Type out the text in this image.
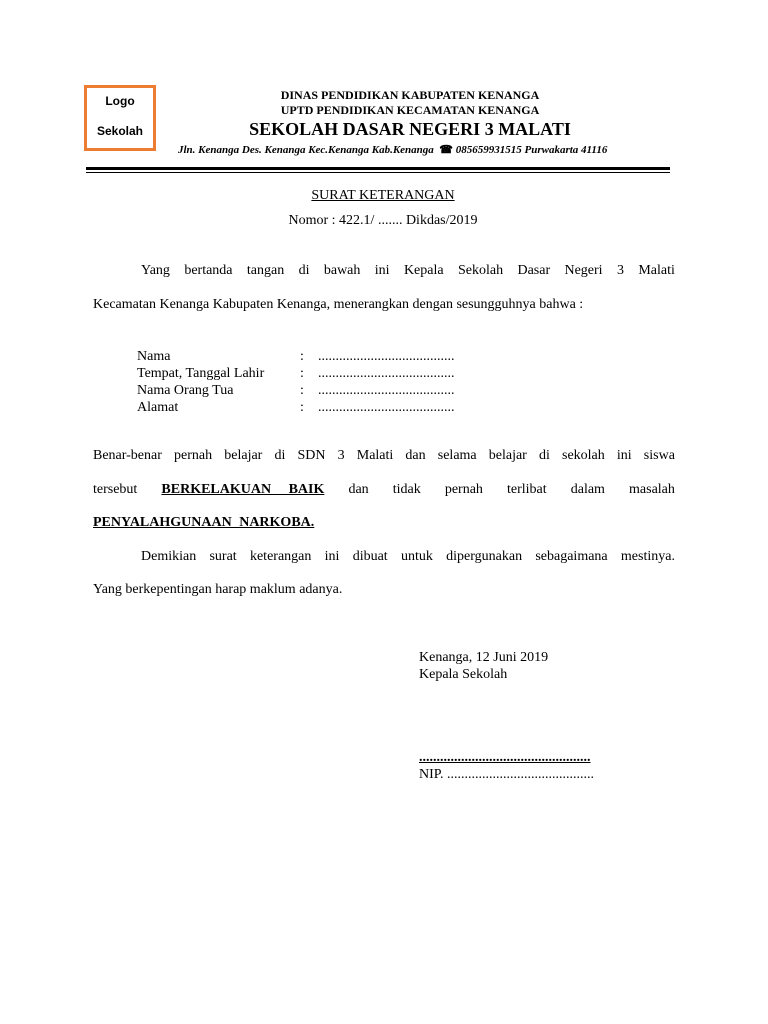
Logo
Sekolah
DINAS PENDIDIKAN KABUPATEN KENANGA
UPTD PENDIDIKAN KECAMATAN KENANGA
SEKOLAH DASAR NEGERI 3 MALATI
Jln. Kenanga Des. Kenanga Kec.Kenanga Kab.Kenanga ☎ 085659931515 Purwakarta 41116
SURAT KETERANGAN
Nomor : 422.1/ ....... Dikdas/2019
Yang bertanda tangan di bawah ini Kepala Sekolah Dasar Negeri 3 Malati
Kecamatan Kenanga Kabupaten Kenanga, menerangkan dengan sesungguhnya bahwa :
Nama	: .......................................
Tempat, Tanggal Lahir	: .......................................
Nama Orang Tua	: .......................................
Alamat	: .......................................
Benar-benar pernah belajar di SDN 3 Malati dan selama belajar di sekolah ini siswa
tersebut BERKELAKUAN BAIK dan tidak pernah terlibat dalam masalah
PENYALAHGUNAAN NARKOBA.
Demikian surat keterangan ini dibuat untuk dipergunakan sebagaimana mestinya.
Yang berkepentingan harap maklum adanya.
Kenanga, 12 Juni 2019
Kepala Sekolah
.................................................
NIP. ..........................................
